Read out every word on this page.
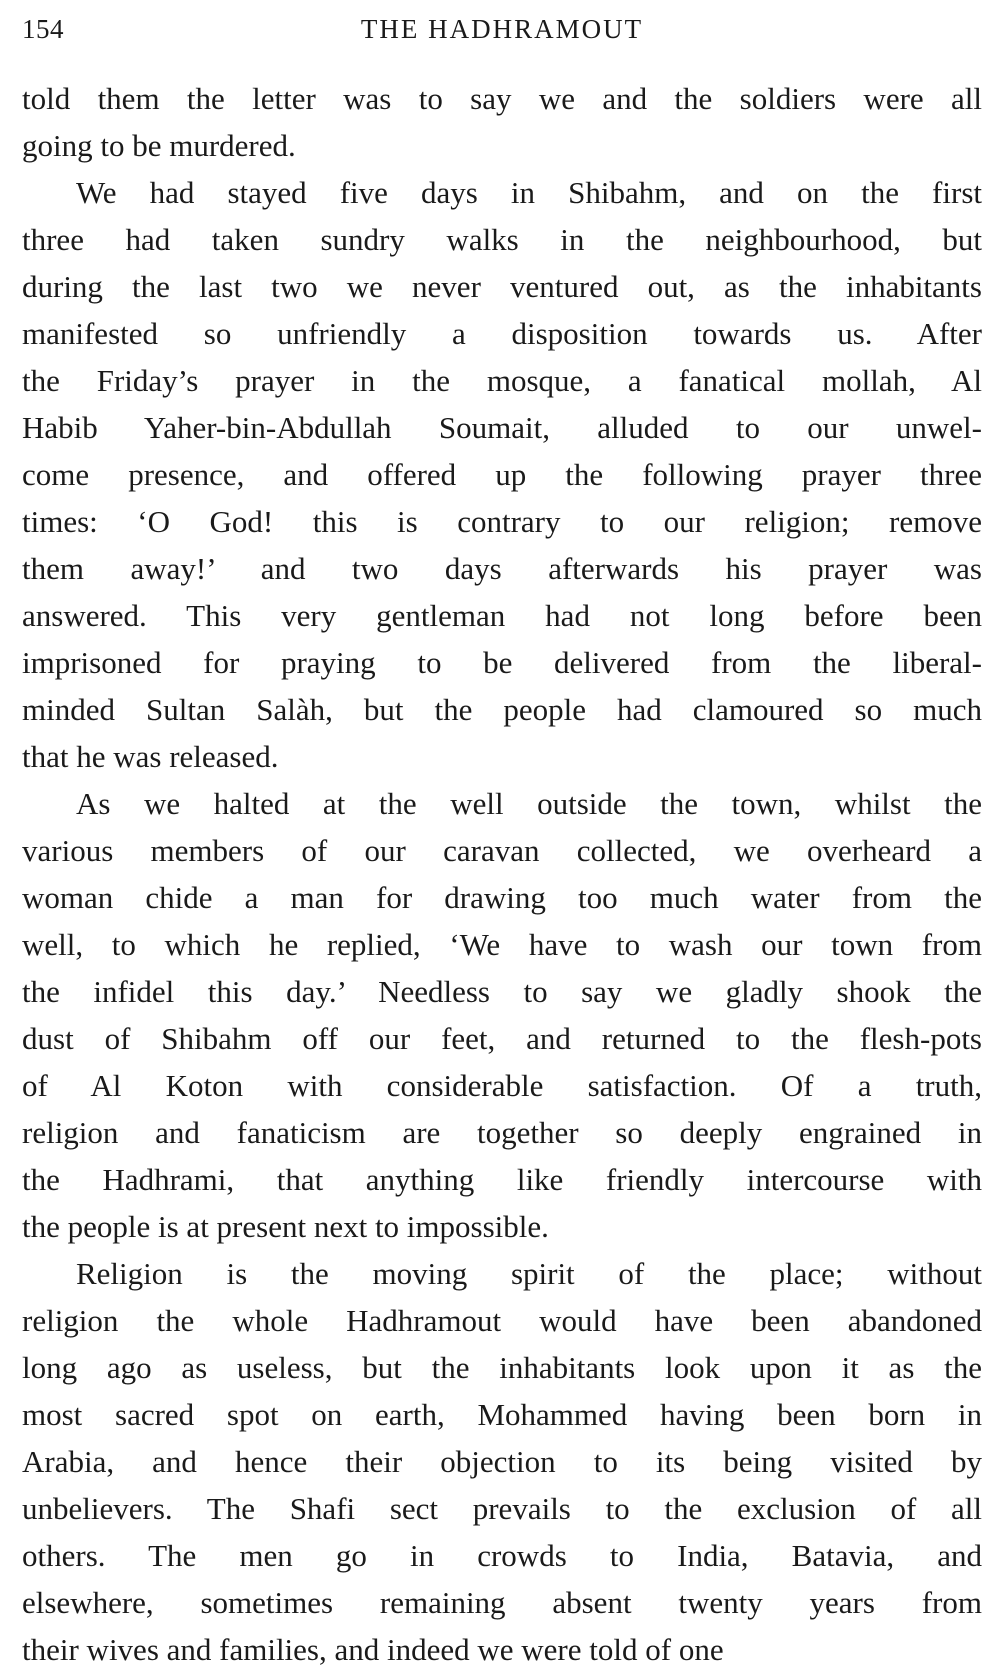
154	THE HADHRAMOUT
told them the letter was to say we and the soldiers were all
going to be murdered.
We had stayed five days in Shibahm, and on the first
three had taken sundry walks in the neighbourhood, but
during the last two we never ventured out, as the inhabitants
manifested so unfriendly a disposition towards us. After
the Friday’s prayer in the mosque, a fanatical mollah, Al
Habib Yaher-bin-Abdullah Soumait, alluded to our unwel-
come presence, and offered up the following prayer three
times: ‘O God! this is contrary to our religion; remove
them away!’ and two days afterwards his prayer was
answered. This very gentleman had not long before been
imprisoned for praying to be delivered from the liberal-
minded Sultan Salàh, but the people had clamoured so much
that he was released.
As we halted at the well outside the town, whilst the
various members of our caravan collected, we overheard a
woman chide a man for drawing too much water from the
well, to which he replied, ‘We have to wash our town from
the infidel this day.’ Needless to say we gladly shook the
dust of Shibahm off our feet, and returned to the flesh-pots
of Al Koton with considerable satisfaction. Of a truth,
religion and fanaticism are together so deeply engrained in
the Hadhrami, that anything like friendly intercourse with
the people is at present next to impossible.
Religion is the moving spirit of the place; without
religion the whole Hadhramout would have been abandoned
long ago as useless, but the inhabitants look upon it as the
most sacred spot on earth, Mohammed having been born in
Arabia, and hence their objection to its being visited by
unbelievers. The Shafi sect prevails to the exclusion of all
others. The men go in crowds to India, Batavia, and
elsewhere, sometimes remaining absent twenty years from
their wives and families, and indeed we were told of one
